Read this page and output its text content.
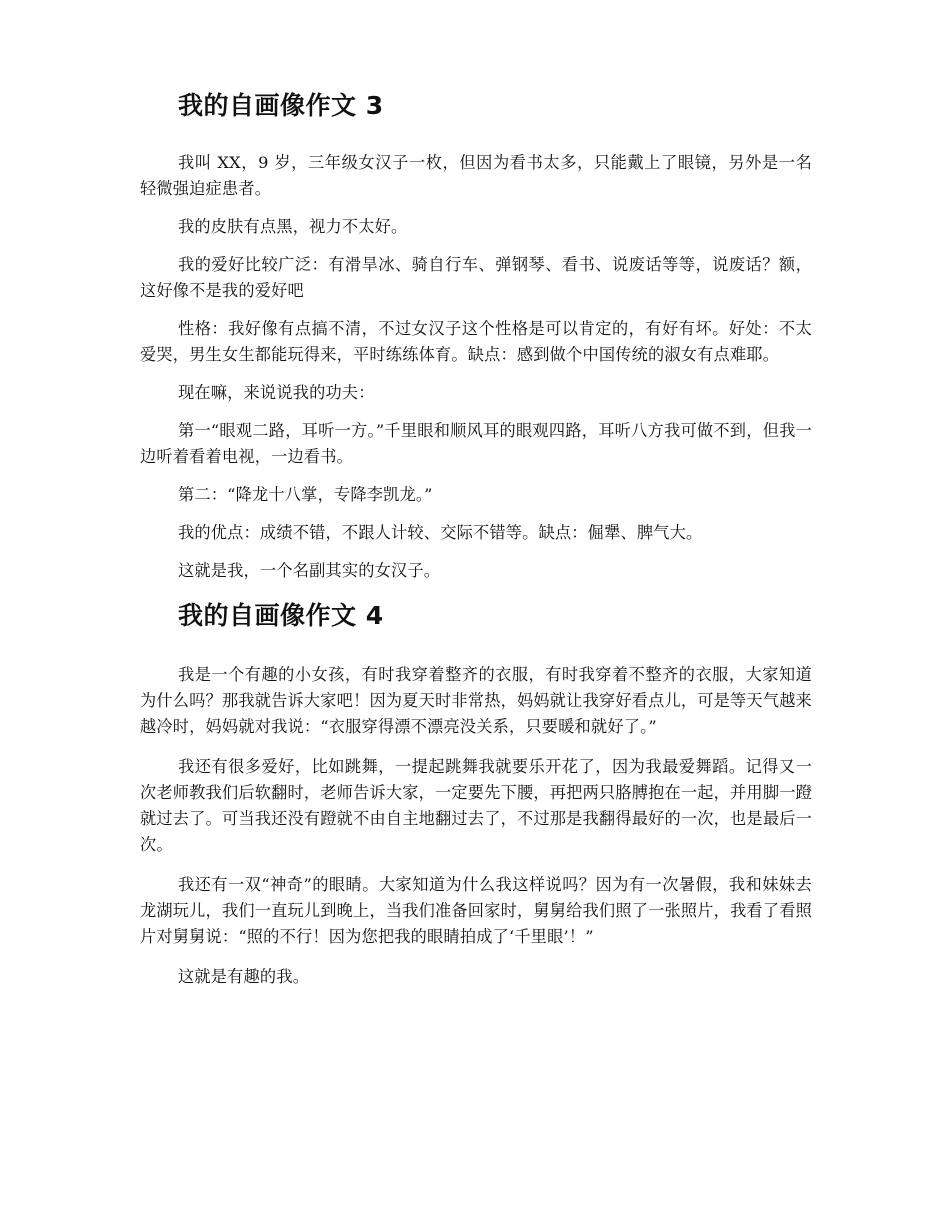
我的自画像作文 3

我叫 XX，9 岁，三年级女汉子一枚，但因为看书太多，只能戴上了眼镜，另外是一名轻微强迫症患者。

我的皮肤有点黑，视力不太好。

我的爱好比较广泛：有滑旱冰、骑自行车、弹钢琴、看书、说废话等等，说废话？额，这好像不是我的爱好吧

性格：我好像有点搞不清，不过女汉子这个性格是可以肯定的，有好有坏。好处：不太爱哭，男生女生都能玩得来，平时练练体育。缺点：感到做个中国传统的淑女有点难耶。

现在嘛，来说说我的功夫：

第一“眼观二路，耳听一方。”千里眼和顺风耳的眼观四路，耳听八方我可做不到，但我一边听着看着电视，一边看书。

第二：“降龙十八掌，专降李凯龙。”

我的优点：成绩不错，不跟人计较、交际不错等。缺点：倔犟、脾气大。

这就是我，一个名副其实的女汉子。

我的自画像作文 4

我是一个有趣的小女孩，有时我穿着整齐的衣服，有时我穿着不整齐的衣服，大家知道为什么吗？那我就告诉大家吧！因为夏天时非常热，妈妈就让我穿好看点儿，可是等天气越来越冷时，妈妈就对我说：“衣服穿得漂不漂亮没关系，只要暖和就好了。”

我还有很多爱好，比如跳舞，一提起跳舞我就要乐开花了，因为我最爱舞蹈。记得又一次老师教我们后软翻时，老师告诉大家，一定要先下腰，再把两只胳膊抱在一起，并用脚一蹬就过去了。可当我还没有蹬就不由自主地翻过去了，不过那是我翻得最好的一次，也是最后一次。

我还有一双“神奇”的眼睛。大家知道为什么我这样说吗？因为有一次暑假，我和妹妹去龙湖玩儿，我们一直玩儿到晚上，当我们准备回家时，舅舅给我们照了一张照片，我看了看照片对舅舅说：“照的不行！因为您把我的眼睛拍成了‘千里眼’！”

这就是有趣的我。
